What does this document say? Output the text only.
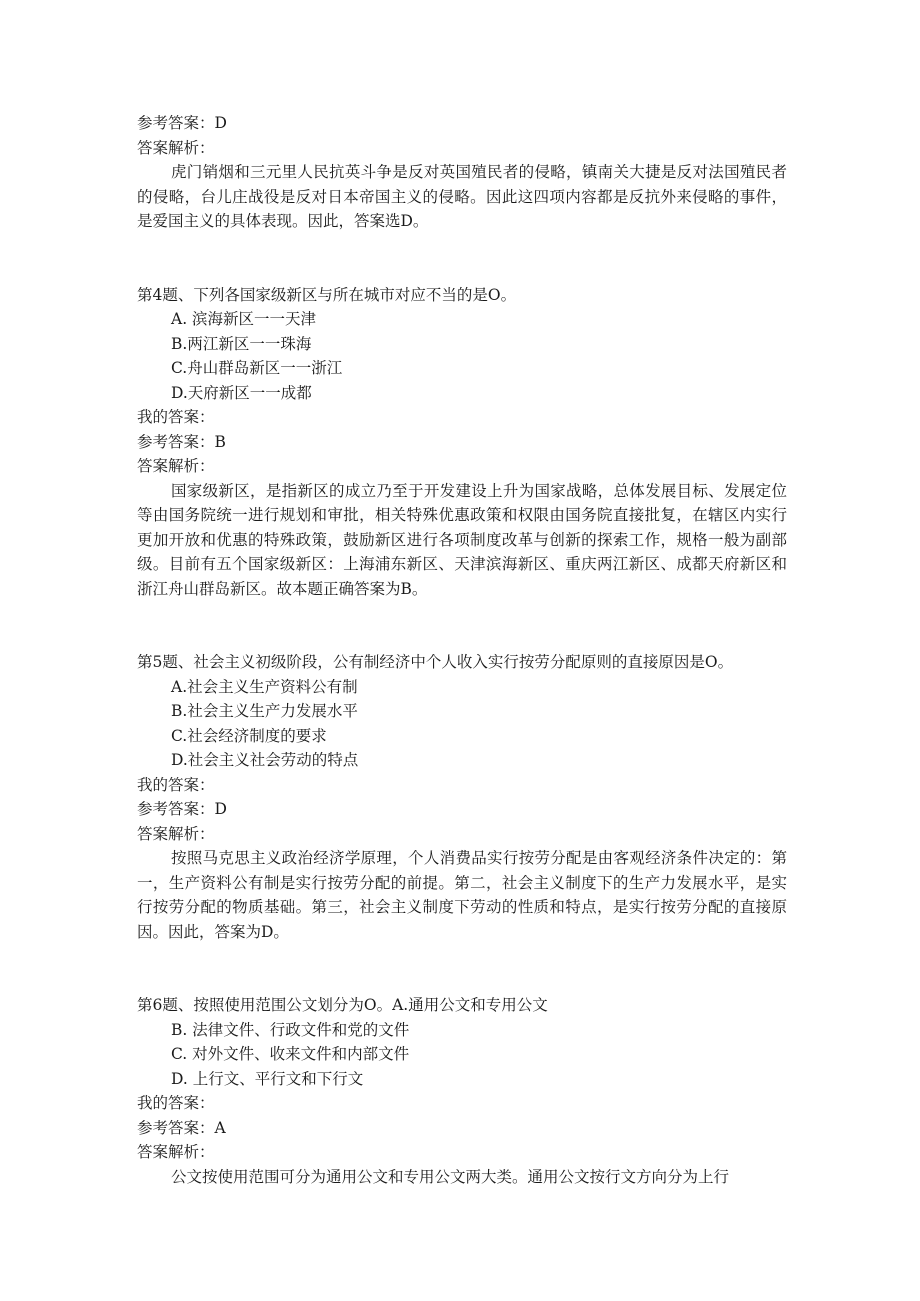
参考答案：D
答案解析：
虎门销烟和三元里人民抗英斗争是反对英国殖民者的侵略，镇南关大捷是反对法国殖民者的侵略，台儿庄战役是反对日本帝国主义的侵略。因此这四项内容都是反抗外来侵略的事件，是爱国主义的具体表现。因此，答案选D。
第4题、下列各国家级新区与所在城市对应不当的是O。
A. 滨海新区一一天津
B.两江新区一一珠海
C.舟山群岛新区一一浙江
D.天府新区一一成都
我的答案：
参考答案：B
答案解析：
国家级新区，是指新区的成立乃至于开发建设上升为国家战略，总体发展目标、发展定位等由国务院统一进行规划和审批，相关特殊优惠政策和权限由国务院直接批复，在辖区内实行更加开放和优惠的特殊政策，鼓励新区进行各项制度改革与创新的探索工作，规格一般为副部级。目前有五个国家级新区：上海浦东新区、天津滨海新区、重庆两江新区、成都天府新区和浙江舟山群岛新区。故本题正确答案为B。
第5题、社会主义初级阶段，公有制经济中个人收入实行按劳分配原则的直接原因是O。
A.社会主义生产资料公有制
B.社会主义生产力发展水平
C.社会经济制度的要求
D.社会主义社会劳动的特点
我的答案：
参考答案：D
答案解析：
按照马克思主义政治经济学原理，个人消费品实行按劳分配是由客观经济条件决定的：第一，生产资料公有制是实行按劳分配的前提。第二，社会主义制度下的生产力发展水平，是实行按劳分配的物质基础。第三，社会主义制度下劳动的性质和特点，是实行按劳分配的直接原因。因此，答案为D。
第6题、按照使用范围公文划分为O。A.通用公文和专用公文
B. 法律文件、行政文件和党的文件
C. 对外文件、收来文件和内部文件
D. 上行文、平行文和下行文
我的答案：
参考答案：A
答案解析：
公文按使用范围可分为通用公文和专用公文两大类。通用公文按行文方向分为上行
